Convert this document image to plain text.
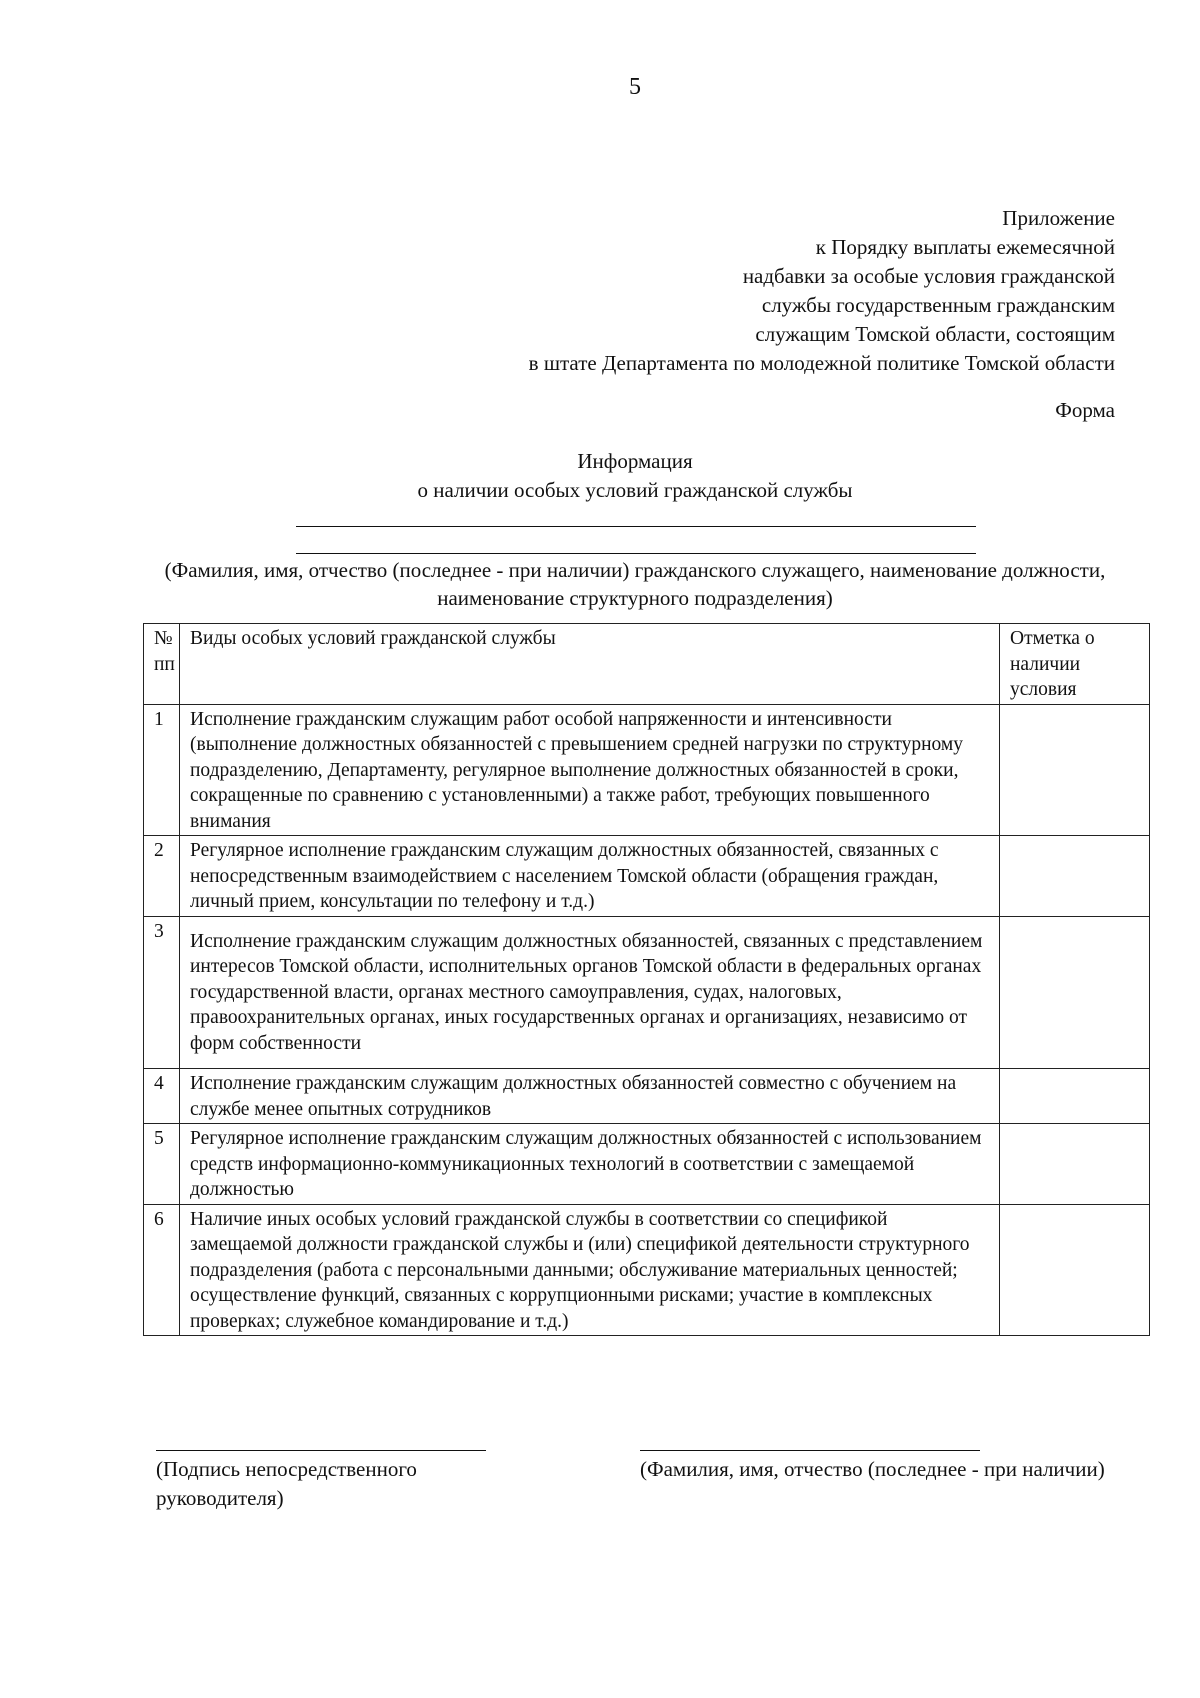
5
Приложение
к Порядку выплаты ежемесячной
надбавки за особые условия гражданской
службы государственным гражданским
служащим Томской области, состоящим
в штате Департамента по молодежной политике Томской области
Форма
Информация
о наличии особых условий гражданской службы
(Фамилия, имя, отчество (последнее - при наличии) гражданского служащего, наименование должности, наименование структурного подразделения)
№ пп	Виды особых условий гражданской службы	Отметка о наличии условия
1	Исполнение гражданским служащим работ особой напряженности и интенсивности (выполнение должностных обязанностей с превышением средней нагрузки по структурному подразделению, Департаменту, регулярное выполнение должностных обязанностей в сроки, сокращенные по сравнению с установленными) а также работ, требующих повышенного внимания	
2	Регулярное исполнение гражданским служащим должностных обязанностей, связанных с непосредственным взаимодействием с населением Томской области (обращения граждан, личный прием, консультации по телефону и т.д.)	
3	Исполнение гражданским служащим должностных обязанностей, связанных с представлением интересов Томской области, исполнительных органов Томской области в федеральных органах государственной власти, органах местного самоуправления, судах, налоговых, правоохранительных органах, иных государственных органах и организациях, независимо от форм собственности	
4	Исполнение гражданским служащим должностных обязанностей совместно с обучением на службе менее опытных сотрудников	
5	Регулярное исполнение гражданским служащим должностных обязанностей с использованием средств информационно-коммуникационных технологий в соответствии с замещаемой должностью	
6	Наличие иных особых условий гражданской службы в соответствии со спецификой замещаемой должности гражданской службы и (или) спецификой деятельности структурного подразделения (работа с персональными данными; обслуживание материальных ценностей; осуществление функций, связанных с коррупционными рисками; участие в комплексных проверках; служебное командирование и т.д.)	
(Подпись непосредственного руководителя)
(Фамилия, имя, отчество (последнее - при наличии)
